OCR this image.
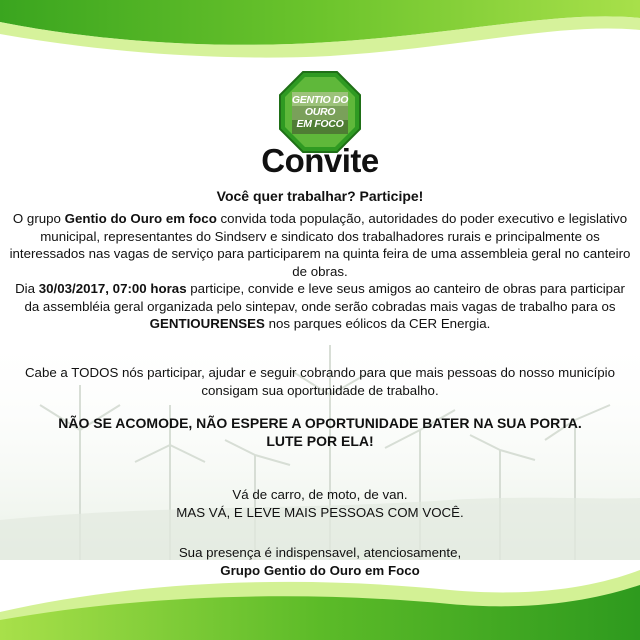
GENTIO DO OURO
EM FOCO
Convite
Você quer trabalhar? Participe!
O grupo Gentio do Ouro em foco convida toda população, autoridades do poder executivo e legislativo municipal, representantes do Sindserv e sindicato dos trabalhadores rurais e principalmente os interessados nas vagas de serviço para participarem na quinta feira de uma assembleia geral no canteiro de obras.
Dia 30/03/2017, 07:00 horas participe, convide e leve seus amigos ao canteiro de obras para participar da assembléia geral organizada pelo sintepav, onde serão cobradas mais vagas de trabalho para os GENTIOURENSES nos parques eólicos da CER Energia.
Cabe a TODOS nós participar, ajudar e seguir cobrando para que mais pessoas do nosso município consigam sua oportunidade de trabalho.
NÃO SE ACOMODE, NÃO ESPERE A OPORTUNIDADE BATER NA SUA PORTA.
LUTE POR ELA!
Vá de carro, de moto, de van.
MAS VÁ, E LEVE MAIS PESSOAS COM VOCÊ.
Sua presença é indispensavel, atenciosamente,
Grupo Gentio do Ouro em Foco
